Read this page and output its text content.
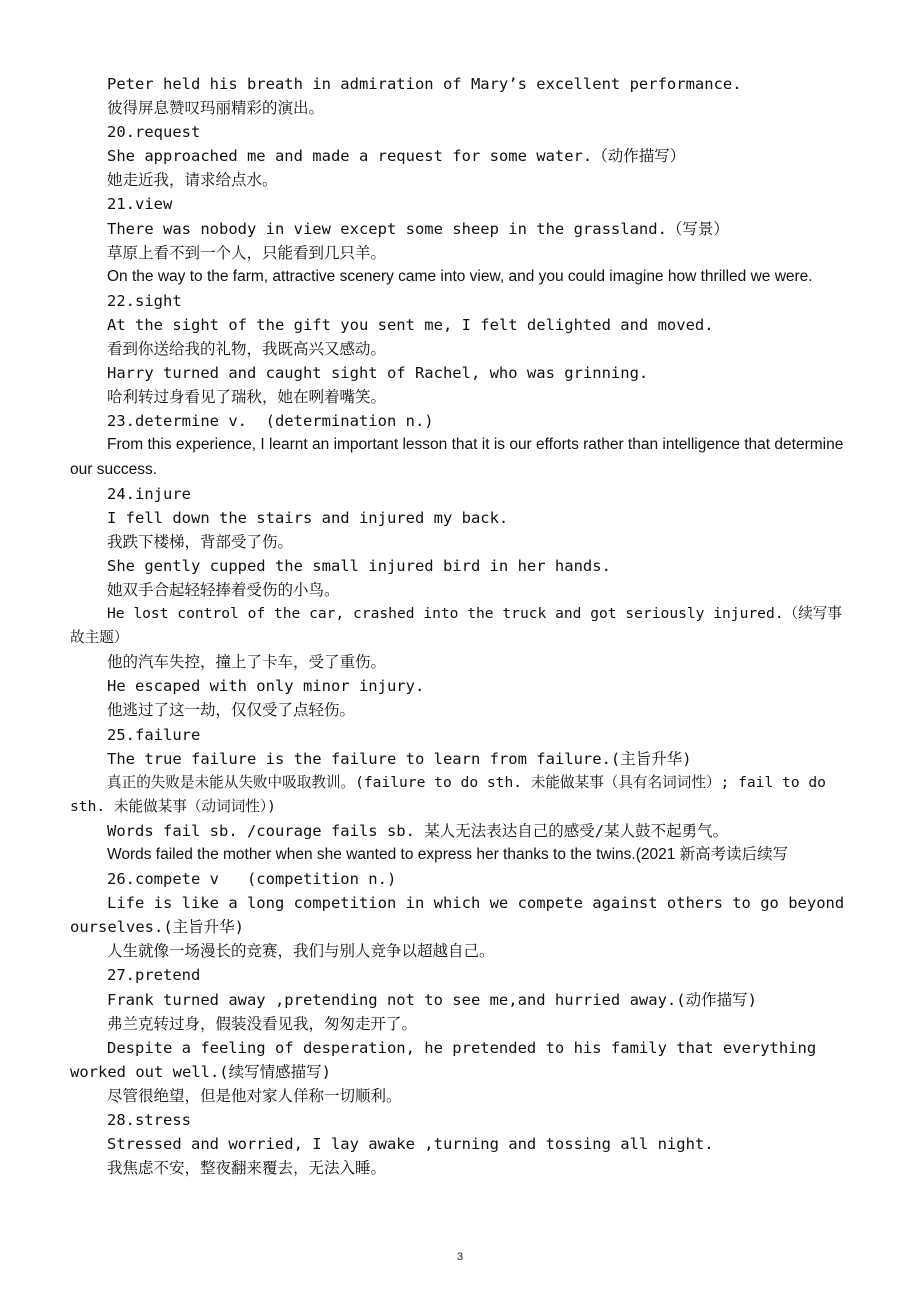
Peter held his breath in admiration of Mary’s excellent performance.

彼得屏息赞叹玛丽精彩的演出。

20.request

She approached me and made a request for some water.（动作描写）

她走近我，请求给点水。

21.view

There was nobody in view except some sheep in the grassland.（写景）

草原上看不到一个人，只能看到几只羊。

On the way to the farm, attractive scenery came into view, and you could imagine how thrilled we were.

22.sight

At the sight of the gift you sent me, I felt delighted and moved.

看到你送给我的礼物，我既高兴又感动。

Harry turned and caught sight of Rachel, who was grinning.

哈利转过身看见了瑞秋，她在咧着嘴笑。

23.determine v.  (determination n.)

From this experience, I learnt an important lesson that it is our efforts rather than intelligence that determine our success.

24.injure

I fell down the stairs and injured my back.

我跌下楼梯，背部受了伤。

She gently cupped the small injured bird in her hands.

她双手合起轻轻捧着受伤的小鸟。

He lost control of the car, crashed into the truck and got seriously injured.（续写事故主题）

他的汽车失控，撞上了卡车，受了重伤。

He escaped with only minor injury.

他逃过了这一劫，仅仅受了点轻伤。

25.failure

The true failure is the failure to learn from failure.(主旨升华)

真正的失败是未能从失败中吸取教训。(failure to do sth. 未能做某事（具有名词词性）; fail to do sth. 未能做某事（动词词性）)

Words fail sb. /courage fails sb. 某人无法表达自己的感受/某人鼓不起勇气。

Words failed the mother when she wanted to express her thanks to the twins.(2021 新高考读后续写

26.compete v   (competition n.)

Life is like a long competition in which we compete against others to go beyond ourselves.(主旨升华)

人生就像一场漫长的竞赛，我们与别人竞争以超越自己。

27.pretend

Frank turned away ,pretending not to see me,and hurried away.(动作描写)

弗兰克转过身，假装没看见我，匆匆走开了。

Despite a feeling of desperation, he pretended to his family that everything worked out well.(续写情感描写)

尽管很绝望，但是他对家人佯称一切顺利。

28.stress

Stressed and worried, I lay awake ,turning and tossing all night.

我焦虑不安，整夜翻来覆去，无法入睡。

3
